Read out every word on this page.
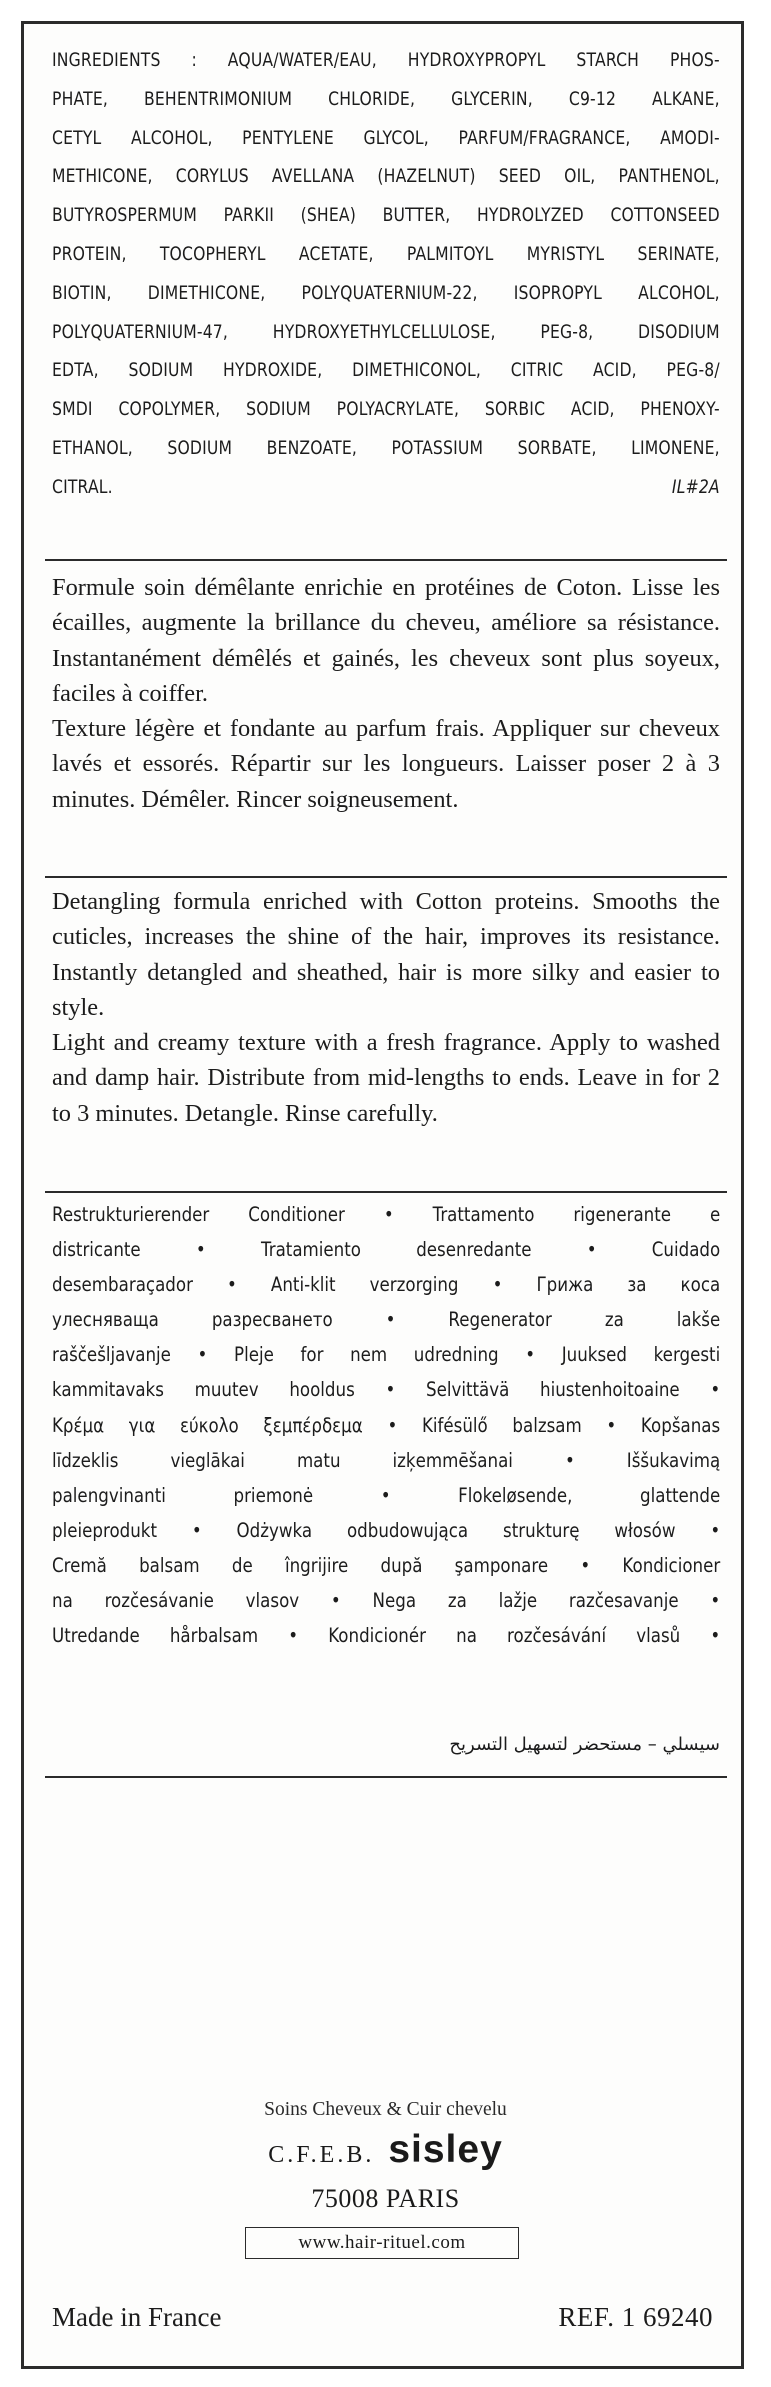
INGREDIENTS : AQUA/WATER/EAU, HYDROXYPROPYL STARCH PHOS-
PHATE, BEHENTRIMONIUM CHLORIDE, GLYCERIN, C9-12 ALKANE,
CETYL ALCOHOL, PENTYLENE GLYCOL, PARFUM/FRAGRANCE, AMODI-
METHICONE, CORYLUS AVELLANA (HAZELNUT) SEED OIL, PANTHENOL,
BUTYROSPERMUM PARKII (SHEA) BUTTER, HYDROLYZED COTTONSEED
PROTEIN, TOCOPHERYL ACETATE, PALMITOYL MYRISTYL SERINATE,
BIOTIN, DIMETHICONE, POLYQUATERNIUM-22, ISOPROPYL ALCOHOL,
POLYQUATERNIUM-47, HYDROXYETHYLCELLULOSE, PEG-8, DISODIUM
EDTA, SODIUM HYDROXIDE, DIMETHICONOL, CITRIC ACID, PEG-8/
SMDI COPOLYMER, SODIUM POLYACRYLATE, SORBIC ACID, PHENOXY-
ETHANOL, SODIUM BENZOATE, POTASSIUM SORBATE, LIMONENE,
CITRAL.	IL#2A

Formule soin démêlante enrichie en protéines de Coton. Lisse les écailles, augmente la brillance du cheveu, améliore sa résistance. Instantanément démêlés et gainés, les cheveux sont plus soyeux, faciles à coiffer.

Texture légère et fondante au parfum frais. Appliquer sur cheveux lavés et essorés. Répartir sur les longueurs. Laisser poser 2 à 3 minutes. Démêler. Rincer soigneusement.

Detangling formula enriched with Cotton proteins. Smooths the cuticles, increases the shine of the hair, improves its resistance. Instantly detangled and sheathed, hair is more silky and easier to style.

Light and creamy texture with a fresh fragrance. Apply to washed and damp hair. Distribute from mid-lengths to ends. Leave in for 2 to 3 minutes. Detangle. Rinse carefully.

Restrukturierender Conditioner • Trattamento rigenerante e
districante • Tratamiento desenredante • Cuidado
desembaraçador • Anti-klit verzorging • Грижа за коса
улесняваща разресването • Regenerator za lakše
raščešljavanje • Pleje for nem udredning • Juuksed kergesti
kammitavaks muutev hooldus • Selvittävä hiustenhoitoaine •
Κρέμα για εύκολο ξεμπέρδεμα • Kifésülő balzsam • Kopšanas
līdzeklis vieglākai matu izķemmēšanai • Iššukavimą
palengvinanti priemonė • Flokeløsende, glattende
pleieprodukt • Odżywka odbudowująca strukturę włosów •
Cremă balsam de îngrijire după şamponare • Kondicioner
na rozčesávanie vlasov • Nega za lažje razčesavanje •
Utredande hårbalsam • Kondicionér na rozčesávání vlasů •
سيسلي – مستحضر لتسهيل التسريح
Soins Cheveux & Cuir chevelu
C.F.E.B. sisley
75008 PARIS
www.hair-rituel.com
Made in France	REF. 1 69240
